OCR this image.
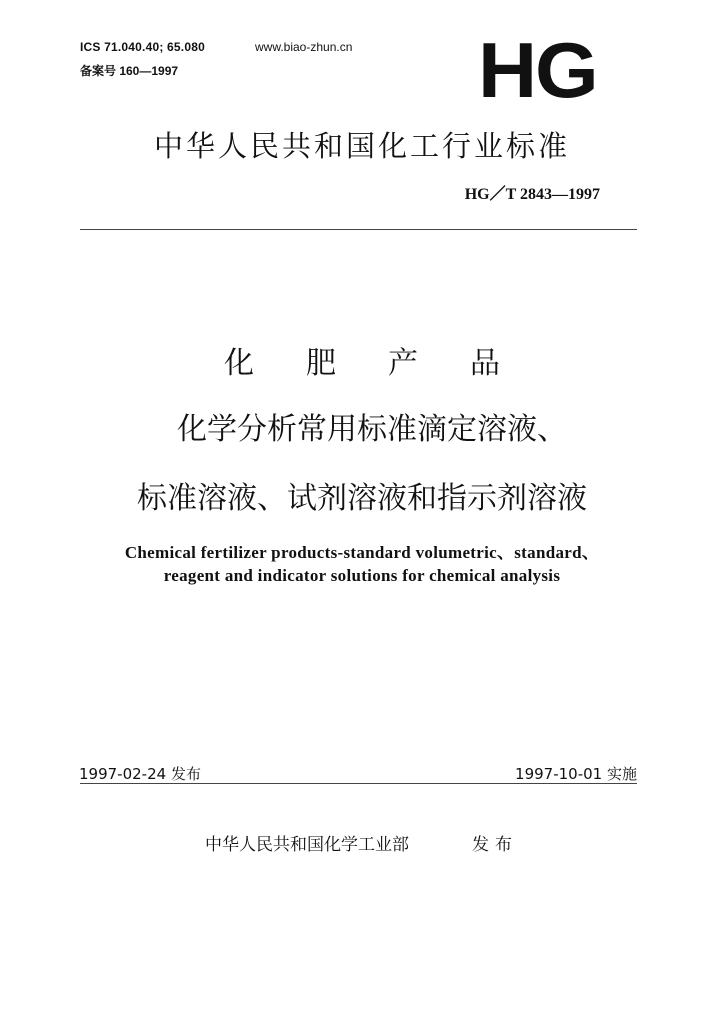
ICS 71.040.40; 65.080
备案号 160—1997
www.biao-zhun.cn HG
中华人民共和国化工行业标准
HG／T 2843—1997
化 肥 产 品
化学分析常用标准滴定溶液、
标准溶液、试剂溶液和指示剂溶液
Chemical fertilizer products-standard volumetric、standard、
reagent and indicator solutions for chemical analysis
1997-02-24 发布	1997-10-01 实施
中华人民共和国化学工业部	发布
